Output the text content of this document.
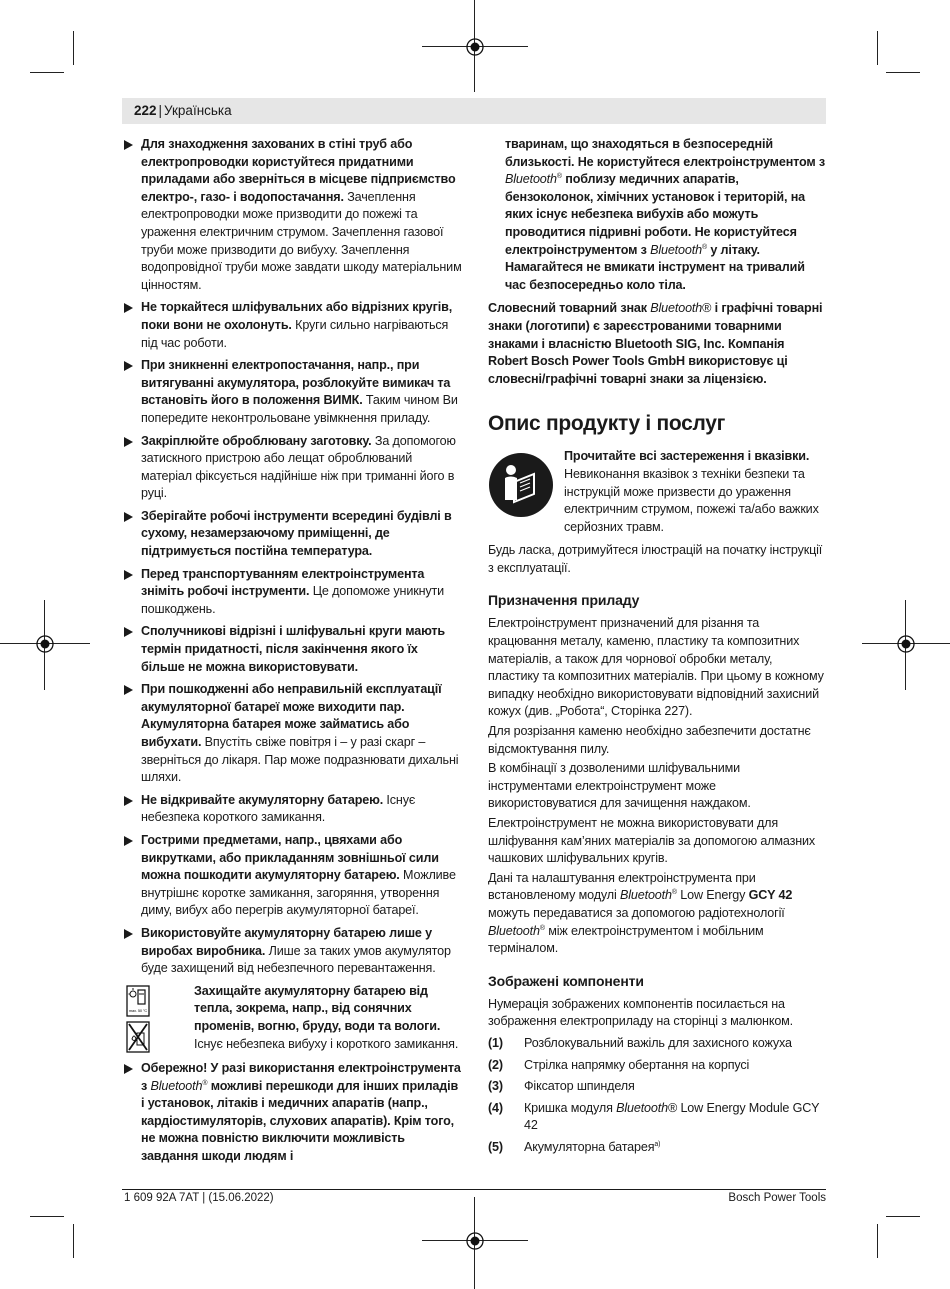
222 | Українська
Для знаходження захованих в стіні труб або електропроводки користуйтеся придатними приладами або зверніться в місцеве підприємство електро-, газо- і водопостачання. Зачеплення електропроводки може призводити до пожежі та ураження електричним струмом. Зачеплення газової труби може призводити до вибуху. Зачеплення водопровідної труби може завдати шкоду матеріальним цінностям.
Не торкайтеся шліфувальних або відрізних кругів, поки вони не охолонуть. Круги сильно нагріваються під час роботи.
При зникненні електропостачання, напр., при витягуванні акумулятора, розблокуйте вимикач та встановіть його в положення ВИМК. Таким чином Ви попередите неконтрольоване увімкнення приладу.
Закріплюйте оброблювану заготовку. За допомогою затискного пристрою або лещат оброблюваний матеріал фіксується надійніше ніж при триманні його в руці.
Зберігайте робочі інструменти всередині будівлі в сухому, незамерзаючому приміщенні, де підтримується постійна температура.
Перед транспортуванням електроінструмента зніміть робочі інструменти. Це допоможе уникнути пошкоджень.
Сполучникові відрізні і шліфувальні круги мають термін придатності, після закінчення якого їх більше не можна використовувати.
При пошкодженні або неправильній експлуатації акумуляторної батареї може виходити пар. Акумуляторна батарея може займатись або вибухати. Впустіть свіже повітря і – у разі скарг – зверніться до лікаря. Пар може подразнювати дихальні шляхи.
Не відкривайте акумуляторну батарею. Існує небезпека короткого замикання.
Гострими предметами, напр., цвяхами або викрутками, або прикладанням зовнішньої сили можна пошкодити акумуляторну батарею. Можливе внутрішнє коротке замикання, загоряння, утворення диму, вибух або перегрів акумуляторної батареї.
Використовуйте акумуляторну батарею лише у виробах виробника. Лише за таких умов акумулятор буде захищений від небезпечного перевантаження.
max. 50 °C
Захищайте акумуляторну батарею від тепла, зокрема, напр., від сонячних променів, вогню, бруду, води та вологи. Існує небезпека вибуху і короткого замикання.
Обережно! У разі використання електроінструмента з Bluetooth® можливі перешкоди для інших приладів і установок, літаків і медичних апаратів (напр., кардіостимуляторів, слухових апаратів). Крім того, не можна повністю виключити можливість завдання шкоди людям і
тваринам, що знаходяться в безпосередній близькості. Не користуйтеся електроінструментом з Bluetooth® поблизу медичних апаратів, бензоколонок, хімічних установок і територій, на яких існує небезпека вибухів або можуть проводитися підривні роботи. Не користуйтеся електроінструментом з Bluetooth® у літаку. Намагайтеся не вмикати інструмент на тривалий час безпосередньо коло тіла.
Словесний товарний знак Bluetooth® і графічні товарні знаки (логотипи) є зареєстрованими товарними знаками і власністю Bluetooth SIG, Inc. Компанія Robert Bosch Power Tools GmbH використовує ці словесні/графічні товарні знаки за ліцензією.
Опис продукту і послуг
Прочитайте всі застереження і вказівки. Невиконання вказівок з техніки безпеки та інструкцій може призвести до ураження електричним струмом, пожежі та/або важких серйозних травм.
Будь ласка, дотримуйтеся ілюстрацій на початку інструкції з експлуатації.
Призначення приладу
Електроінструмент призначений для різання та крацювання металу, каменю, пластику та композитних матеріалів, а також для чорнової обробки металу, пластику та композитних матеріалів. При цьому в кожному випадку необхідно використовувати відповідний захисний кожух (див. „Робота“, Сторінка 227).
Для розрізання каменю необхідно забезпечити достатнє відсмоктування пилу.
В комбінації з дозволеними шліфувальними інструментами електроінструмент може використовуватися для зачищення наждаком.
Електроінструмент не можна використовувати для шліфування кам’яних матеріалів за допомогою алмазних чашкових шліфувальних кругів.
Дані та налаштування електроінструмента при встановленому модулі Bluetooth® Low Energy GCY 42 можуть передаватися за допомогою радіотехнології Bluetooth® між електроінструментом і мобільним терміналом.
Зображені компоненти
Нумерація зображених компонентів посилається на зображення електроприладу на сторінці з малюнком.
(1)	Розблокувальний важіль для захисного кожуха
(2)	Стрілка напрямку обертання на корпусі
(3)	Фіксатор шпинделя
(4)	Кришка модуля Bluetooth® Low Energy Module GCY 42
(5)	Акумуляторна батарея$^{a)}$
1 609 92A 7AT | (15.06.2022)	Bosch Power Tools
